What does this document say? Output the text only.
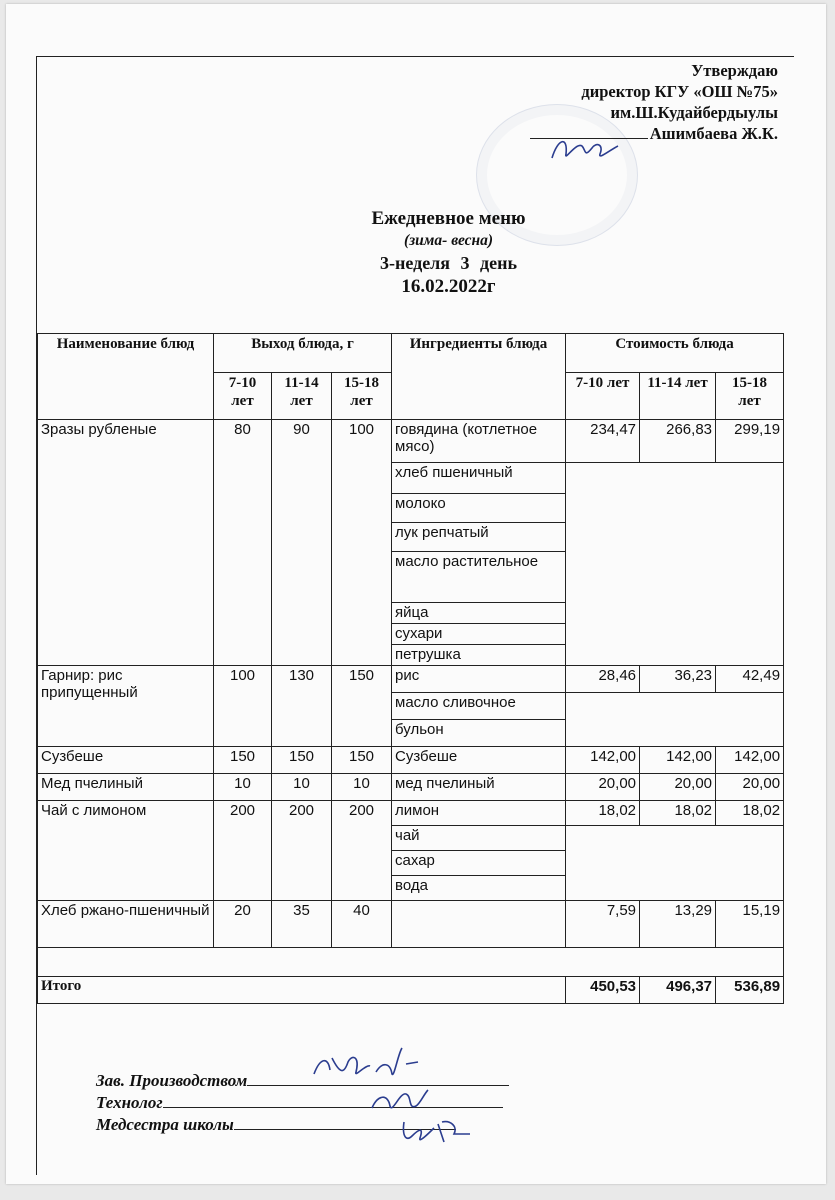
Утверждаю
директор КГУ «ОШ №75»
им.Ш.Кудайбердыулы
Ашимбаева Ж.К.
Ежедневное меню
(зима- весна)
3-неделя 3 день
16.02.2022г
Наименование блюд	Выход блюда, г			Ингредиенты блюда	Стоимость блюда		
	7-10 лет	11-14 лет	15-18 лет		7-10 лет	11-14 лет	15-18 лет
Зразы рубленые	80	90	100	говядина (котлетное мясо)	234,47	266,83	299,19
				хлеб пшеничный			
				молоко			
				лук репчатый			
				масло растительное			
				яйца			
				сухари			
				петрушка			
Гарнир: рис припущенный	100	130	150	рис	28,46	36,23	42,49
				масло сливочное			
				бульон			
Сузбеше	150	150	150	Сузбеше	142,00	142,00	142,00
Мед пчелиный	10	10	10	мед пчелиный	20,00	20,00	20,00
Чай с лимоном	200	200	200	лимон	18,02	18,02	18,02
				чай			
				сахар			
				вода			
Хлеб ржано-пшеничный	20	35	40		7,59	13,29	15,19

Итого					450,53	496,37	536,89
Зав. Производством
Технолог
Медсестра школы
